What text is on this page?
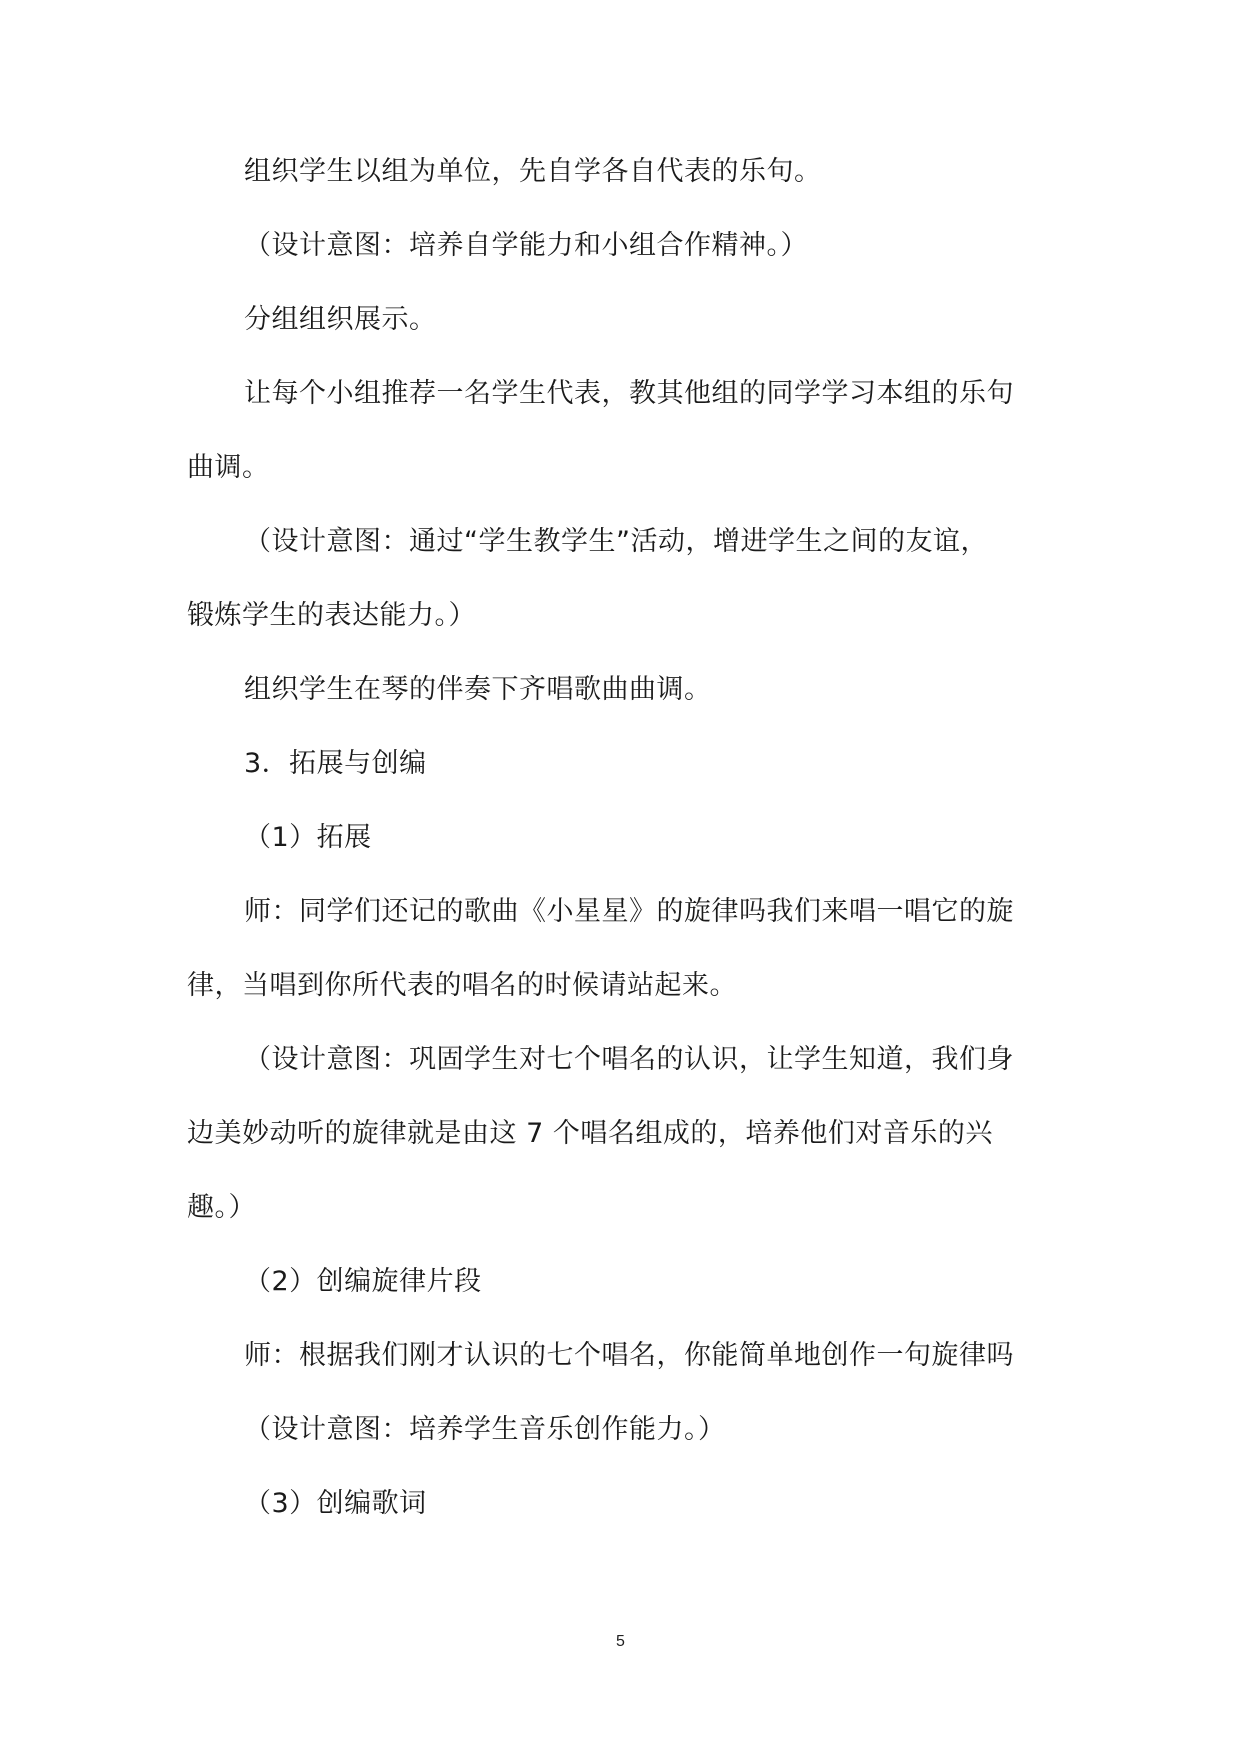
组织学生以组为单位，先自学各自代表的乐句。
（设计意图：培养自学能力和小组合作精神。）
分组组织展示。
让每个小组推荐一名学生代表，教其他组的同学学习本组的乐句
曲调。
（设计意图：通过“学生教学生”活动，增进学生之间的友谊，
锻炼学生的表达能力。）
组织学生在琴的伴奏下齐唱歌曲曲调。
3．拓展与创编
（1）拓展
师：同学们还记的歌曲《小星星》的旋律吗我们来唱一唱它的旋
律，当唱到你所代表的唱名的时候请站起来。
（设计意图：巩固学生对七个唱名的认识，让学生知道，我们身
边美妙动听的旋律就是由这 7 个唱名组成的，培养他们对音乐的兴
趣。）
（2）创编旋律片段
师：根据我们刚才认识的七个唱名，你能简单地创作一句旋律吗
（设计意图：培养学生音乐创作能力。）
（3）创编歌词
5
